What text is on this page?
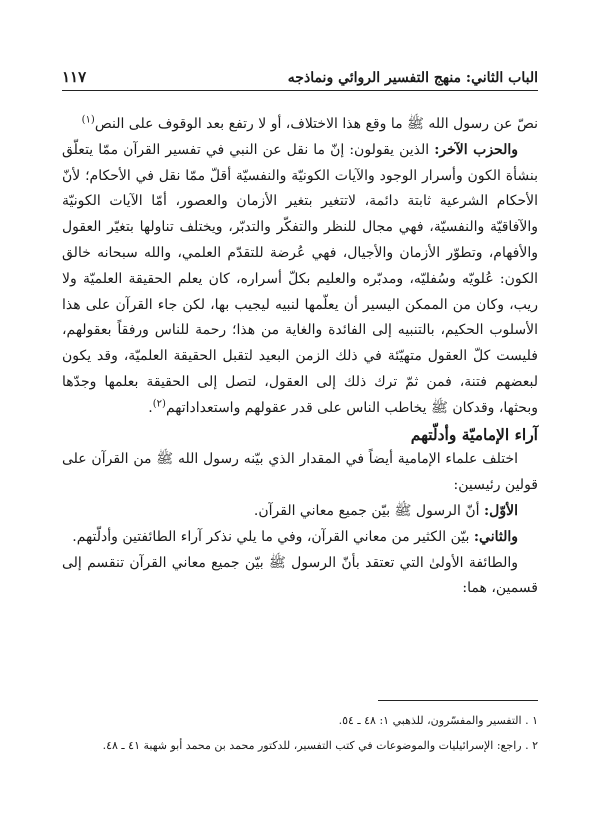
الباب الثاني: منهج التفسير الروائي ونماذجه
١١٧

نصّ عن رسول الله ﷺ ما وقع هذا الاختلاف، أو لا رتفع بعد الوقوف على النص$^{(١)}$

والحزب الآخر: الذين يقولون: إنّ ما نقل عن النبي في تفسير القرآن ممّا يتعلّق بنشأة الكون وأسرار الوجود والآيات الكونيّة والنفسيّة أقلّ ممّا نقل في الأحكام؛ لأنّ الأحكام الشرعية ثابتة دائمة، لاتتغير بتغير الأزمان والعصور، أمّا الآيات الكونيّة والآفاقيّة والنفسيّة، فهي مجال للنظر والتفكّر والتدبّر، ويختلف تناولها بتغيّر العقول والأفهام، وتطوّر الأزمان والأجيال، فهي عُرضة للتقدّم العلمي، والله سبحانه خالق الكون: عُلويّه وسُفليّه، ومدبّره والعليم بكلّ أسراره، كان يعلم الحقيقة العلميّة ولا ريب، وكان من الممكن اليسير أن يعلّمها لنبيه ليجيب بها، لكن جاء القرآن على هذا الأسلوب الحكيم، بالتنبيه إلى الفائدة والغاية من هذا؛ رحمة للناس ورفقاً بعقولهم، فليست كلّ العقول متهيّئة في ذلك الزمن البعيد لتقبل الحقيقة العلميّة، وقد يكون لبعضهم فتنة، فمن ثمّ ترك ذلك إلى العقول، لتصل إلى الحقيقة بعلمها وجدّها وبحثها، وقدكان ﷺ يخاطب الناس على قدر عقولهم واستعداداتهم$^{(٢)}$.

آراء الإماميّة وأدلّتهم

اختلف علماء الإمامية أيضاً في المقدار الذي بيّنه رسول الله ﷺ من القرآن على قولين رئيسين:

الأوّل: أنّ الرسول ﷺ بيّن جميع معاني القرآن.

والثاني: بيّن الكثير من معاني القرآن، وفي ما يلي نذكر آراء الطائفتين وأدلّتهم.

والطائفة الأولىٰ التي تعتقد بأنّ الرسول ﷺ بيّن جميع معاني القرآن تنقسم إلى قسمين، هما:

١ . التفسير والمفسّرون، للذهبي ١: ٤٨ ـ ٥٤.

٢ . راجع: الإسرائيليات والموضوعات في كتب التفسير، للدكتور محمد بن محمد أبو شهبة ٤١ ـ ٤٨.
